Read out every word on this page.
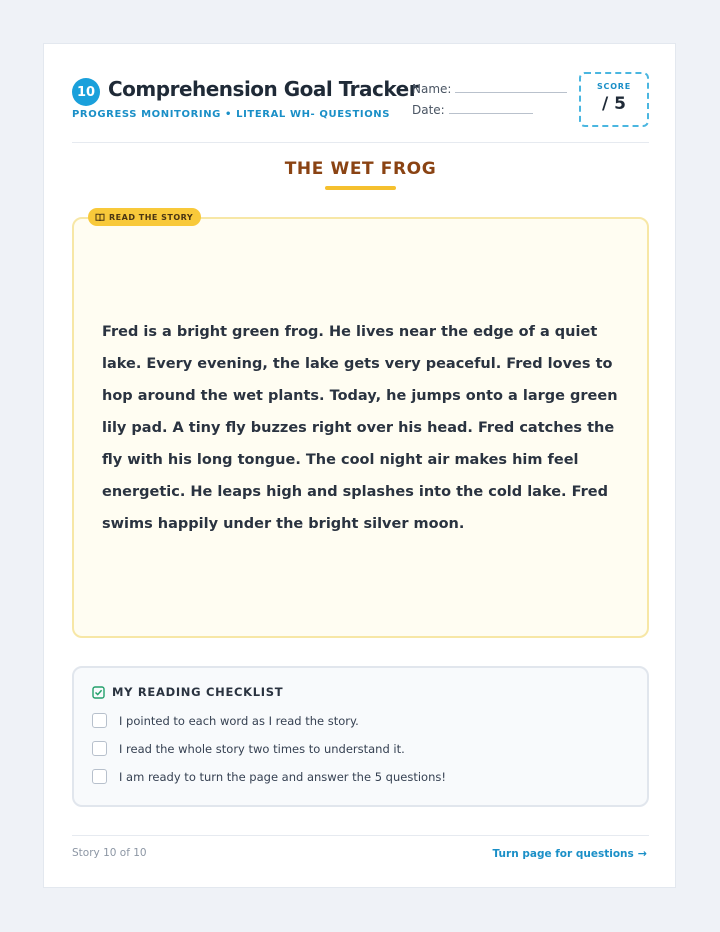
10 Comprehension Goal Tracker
PROGRESS MONITORING • LITERAL WH- QUESTIONS
Name:
Date:
SCORE
/ 5
THE WET FROG
READ THE STORY
Fred is a bright green frog. He lives near the edge of a quiet lake. Every evening, the lake gets very peaceful. Fred loves to hop around the wet plants. Today, he jumps onto a large green lily pad. A tiny fly buzzes right over his head. Fred catches the fly with his long tongue. The cool night air makes him feel energetic. He leaps high and splashes into the cold lake. Fred swims happily under the bright silver moon.
MY READING CHECKLIST
I pointed to each word as I read the story.
I read the whole story two times to understand it.
I am ready to turn the page and answer the 5 questions!
Story 10 of 10	Turn page for questions →
